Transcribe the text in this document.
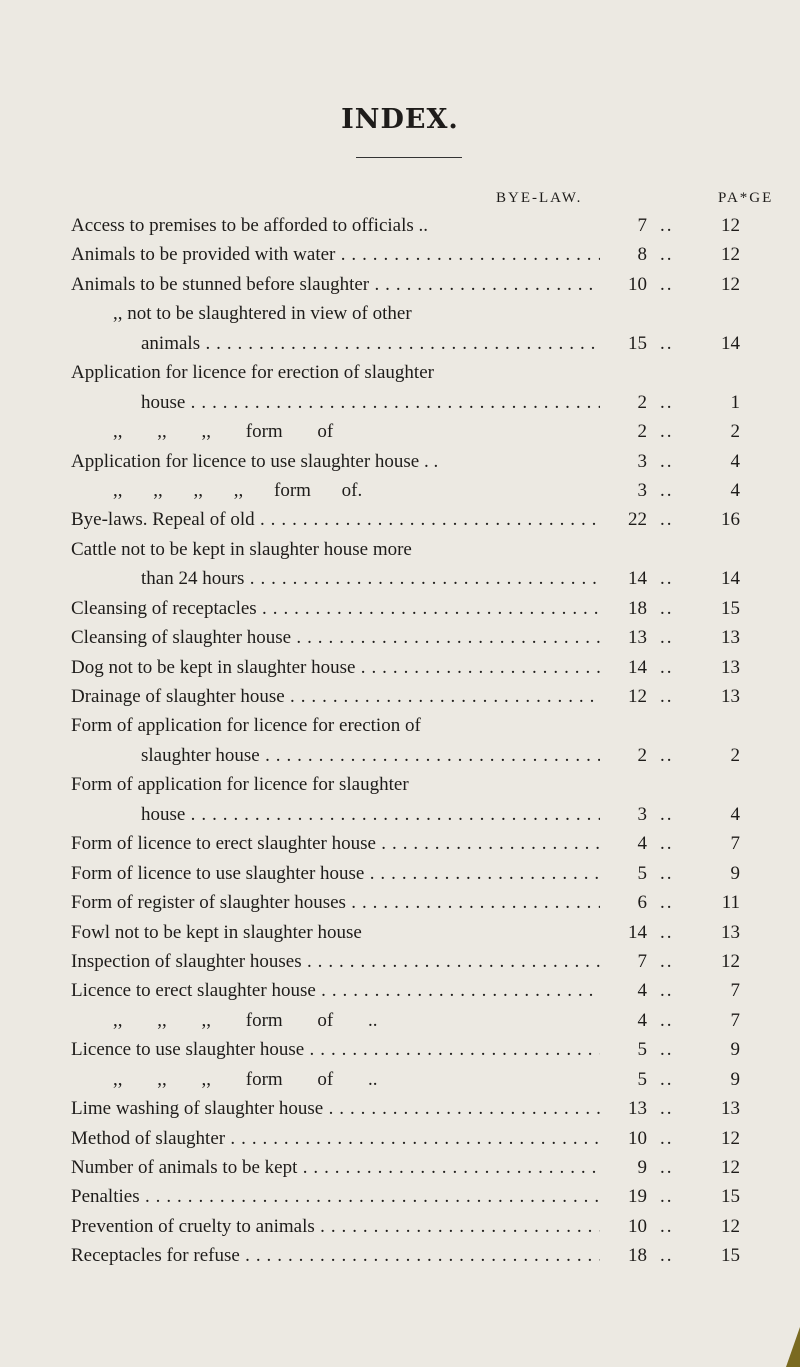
INDEX.
BYE-LAW.	PA*GE
Access to premises to be afforded to officials ..	7 ..	12
Animals to be provided with water . . .	8 ..	12
Animals to be stunned before slaughter . . .	10 ..	12
,, not to be slaughtered in view of other
animals . . .	15 ..	14
Application for licence for erection of slaughter
house . . .	2 ..	1
,, ,, ,, form of	2 ..	2
Application for licence to use slaughter house . .	3 ..	4
,, ,, ,, ,, form of.	3 ..	4
Bye-laws. Repeal of old . . .	22 ..	16
Cattle not to be kept in slaughter house more
than 24 hours . . .	14 ..	14
Cleansing of receptacles . . .	18 ..	15
Cleansing of slaughter house . . .	13 ..	13
Dog not to be kept in slaughter house . . .	14 ..	13
Drainage of slaughter house . . .	12 ..	13
Form of application for licence for erection of
slaughter house . . .	2 ..	2
Form of application for licence for slaughter
house . . .	3 ..	4
Form of licence to erect slaughter house . . .	4 ..	7
Form of licence to use slaughter house . . .	5 ..	9
Form of register of slaughter houses . . .	6 ..	11
Fowl not to be kept in slaughter house	14 ..	13
Inspection of slaughter houses . . .	7 ..	12
Licence to erect slaughter house . . .	4 ..	7
,, ,, ,, form of ..	4 ..	7
Licence to use slaughter house . . .	5 ..	9
,, ,, ,, form of ..	5 ..	9
Lime washing of slaughter house . . .	13 ..	13
Method of slaughter . . .	10 ..	12
Number of animals to be kept . . .	9 ..	12
Penalties . . .	19 ..	15
Prevention of cruelty to animals . . .	10 ..	12
Receptacles for refuse . . .	18 ..	15
